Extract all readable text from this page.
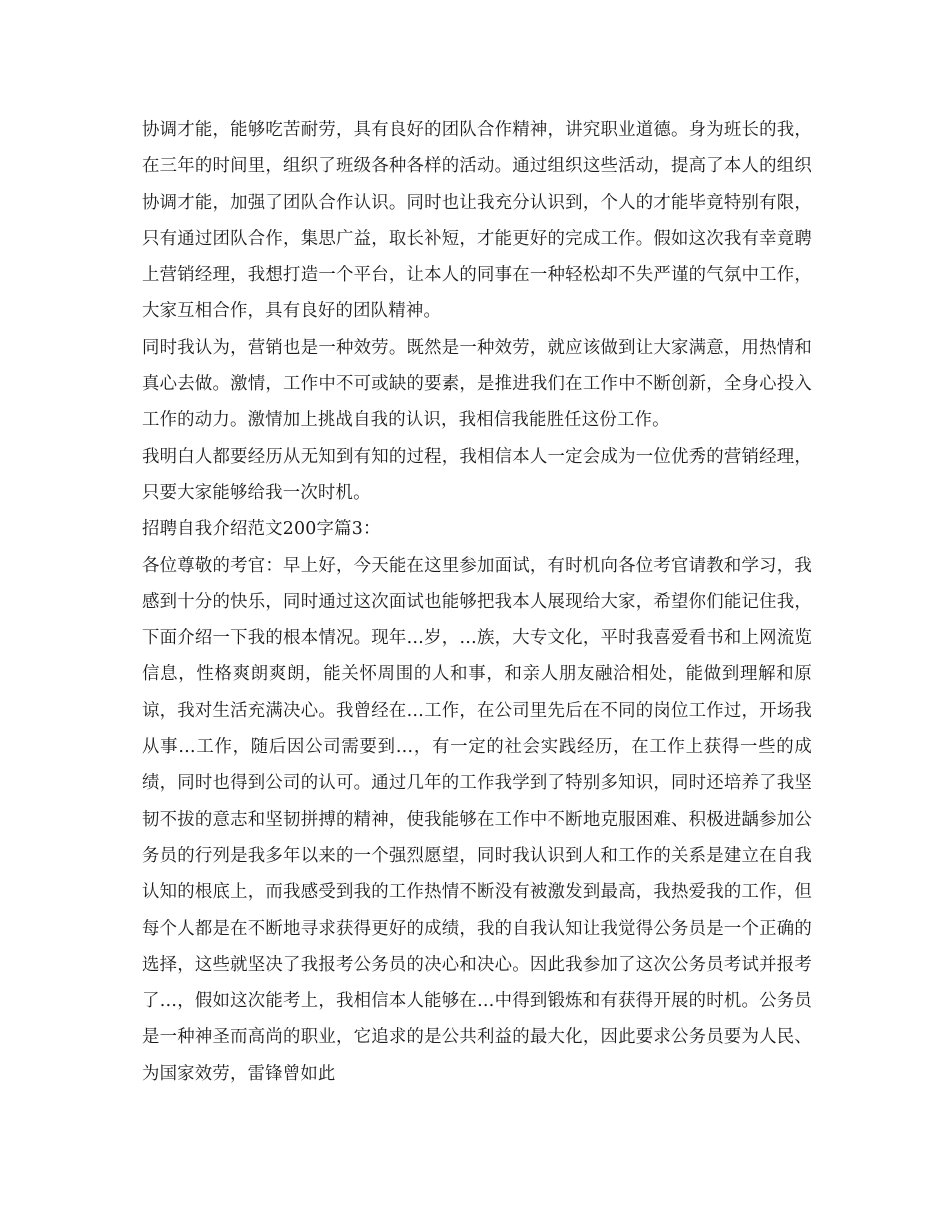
协调才能，能够吃苦耐劳，具有良好的团队合作精神，讲究职业道德。身为班长的我，在三年的时间里，组织了班级各种各样的活动。通过组织这些活动，提高了本人的组织协调才能，加强了团队合作认识。同时也让我充分认识到，个人的才能毕竟特别有限，只有通过团队合作，集思广益，取长补短，才能更好的完成工作。假如这次我有幸竟聘上营销经理，我想打造一个平台，让本人的同事在一种轻松却不失严谨的气氛中工作，大家互相合作，具有良好的团队精神。

同时我认为，营销也是一种效劳。既然是一种效劳，就应该做到让大家满意，用热情和真心去做。激情，工作中不可或缺的要素，是推进我们在工作中不断创新，全身心投入工作的动力。激情加上挑战自我的认识，我相信我能胜任这份工作。

我明白人都要经历从无知到有知的过程，我相信本人一定会成为一位优秀的营销经理，只要大家能够给我一次时机。

招聘自我介绍范文200字篇3：

各位尊敬的考官：早上好，今天能在这里参加面试，有时机向各位考官请教和学习，我感到十分的快乐，同时通过这次面试也能够把我本人展现给大家，希望你们能记住我，下面介绍一下我的根本情况。现年…岁，…族，大专文化，平时我喜爱看书和上网流览信息，性格爽朗爽朗，能关怀周围的人和事，和亲人朋友融洽相处，能做到理解和原谅，我对生活充满决心。我曾经在…工作，在公司里先后在不同的岗位工作过，开场我从事…工作，随后因公司需要到…，有一定的社会实践经历，在工作上获得一些的成绩，同时也得到公司的认可。通过几年的工作我学到了特别多知识，同时还培养了我坚韧不拔的意志和坚韧拼搏的精神，使我能够在工作中不断地克服困难、积极进龋参加公务员的行列是我多年以来的一个强烈愿望，同时我认识到人和工作的关系是建立在自我认知的根底上，而我感受到我的工作热情不断没有被激发到最高，我热爱我的工作，但每个人都是在不断地寻求获得更好的成绩，我的自我认知让我觉得公务员是一个正确的选择，这些就坚决了我报考公务员的决心和决心。因此我参加了这次公务员考试并报考了…，假如这次能考上，我相信本人能够在…中得到锻炼和有获得开展的时机。公务员是一种神圣而高尚的职业，它追求的是公共利益的最大化，因此要求公务员要为人民、为国家效劳，雷锋曾如此
